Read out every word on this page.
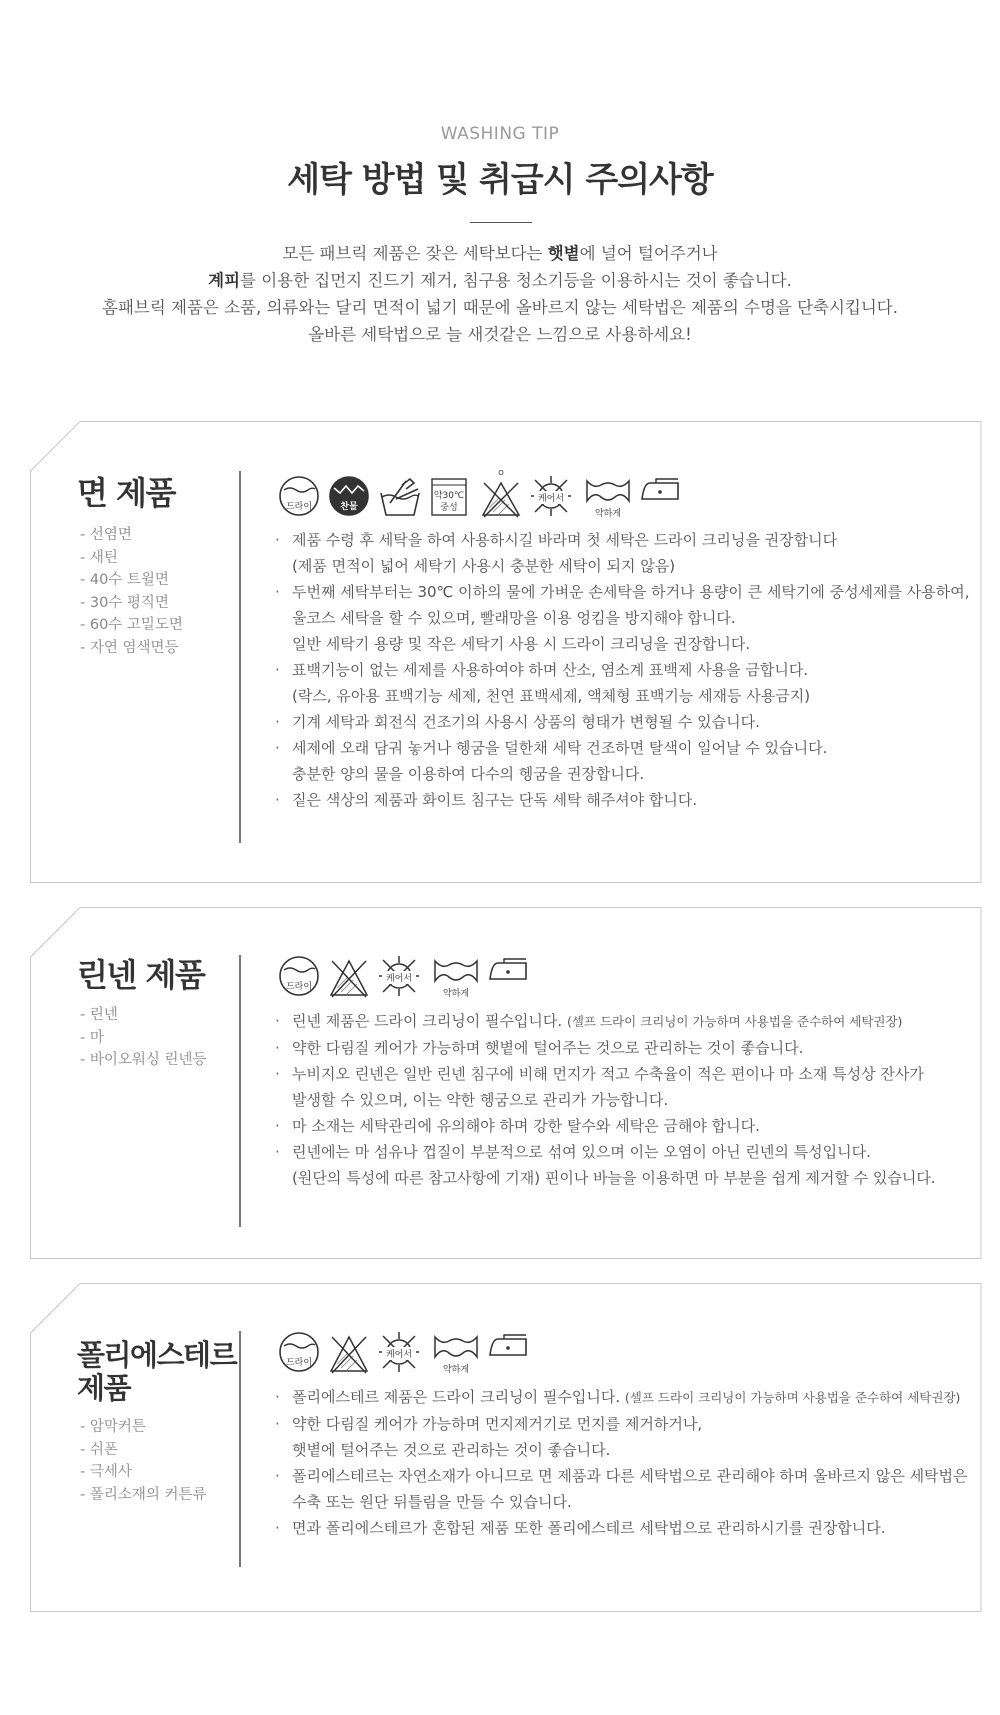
WASHING TIP
세탁 방법 및 취급시 주의사항
모든 패브릭 제품은 잦은 세탁보다는 햇볕에 널어 털어주거나
계피를 이용한 집먼지 진드기 제거, 침구용 청소기등을 이용하시는 것이 좋습니다.
홈패브릭 제품은 소품, 의류와는 달리 면적이 넓기 때문에 올바르지 않는 세탁법은 제품의 수명을 단축시킵니다.
올바른 세탁법으로 늘 새것같은 느낌으로 사용하세요!
면 제품
- 선염면
- 새틴
- 40수 트윌면
- 30수 평직면
- 60수 고밀도면
- 자연 염색면등
드라이	찬물
약30℃
중성
O
케어서
약하게
· 제품 수령 후 세탁을 하여 사용하시길 바라며 첫 세탁은 드라이 크리닝을 권장합니다
(제품 면적이 넓어 세탁기 사용시 충분한 세탁이 되지 않음)
· 두번째 세탁부터는 30℃ 이하의 물에 가벼운 손세탁을 하거나 용량이 큰 세탁기에 중성세제를 사용하여,
울코스 세탁을 할 수 있으며, 빨래망을 이용 엉킴을 방지해야 합니다.
일반 세탁기 용량 및 작은 세탁기 사용 시 드라이 크리닝을 권장합니다.
· 표백기능이 없는 세제를 사용하여야 하며 산소, 염소계 표백제 사용을 금합니다.
(락스, 유아용 표백기능 세제, 천연 표백세제, 액체형 표백기능 세재등 사용금지)
· 기계 세탁과 회전식 건조기의 사용시 상품의 형태가 변형될 수 있습니다.
· 세제에 오래 담궈 놓거나 헹굼을 덜한채 세탁 건조하면 탈색이 일어날 수 있습니다.
충분한 양의 물을 이용하여 다수의 헹굼을 권장합니다.
· 짙은 색상의 제품과 화이트 침구는 단독 세탁 해주셔야 합니다.
린넨 제품
- 린넨
- 마
- 바이오워싱 린넨등
드라이
케어서
약하게
· 린넨 제품은 드라이 크리닝이 필수입니다. (셀프 드라이 크리닝이 가능하며 사용법을 준수하여 세탁권장)
· 약한 다림질 케어가 가능하며 햇볕에 털어주는 것으로 관리하는 것이 좋습니다.
· 누비지오 린넨은 일반 린넨 침구에 비해 먼지가 적고 수축율이 적은 편이나 마 소재 특성상 잔사가
발생할 수 있으며, 이는 약한 헹굼으로 관리가 가능합니다.
· 마 소재는 세탁관리에 유의해야 하며 강한 탈수와 세탁은 금해야 합니다.
· 린넨에는 마 섬유나 껍질이 부분적으로 섞여 있으며 이는 오염이 아닌 린넨의 특성입니다.
(원단의 특성에 따른 참고사항에 기재) 핀이나 바늘을 이용하면 마 부분을 쉽게 제거할 수 있습니다.
폴리에스테르
제품
- 암막커튼
- 쉬폰
- 극세사
- 폴리소재의 커튼류
드라이
케어서
약하게
· 폴리에스테르 제품은 드라이 크리닝이 필수입니다. (셀프 드라이 크리닝이 가능하며 사용법을 준수하여 세탁권장)
· 약한 다림질 케어가 가능하며 먼지제거기로 먼지를 제거하거나,
햇볕에 털어주는 것으로 관리하는 것이 좋습니다.
· 폴리에스테르는 자연소재가 아니므로 면 제품과 다른 세탁법으로 관리해야 하며 올바르지 않은 세탁법은
수축 또는 원단 뒤틀림을 만들 수 있습니다.
· 면과 폴리에스테르가 혼합된 제품 또한 폴리에스테르 세탁법으로 관리하시기를 권장합니다.
